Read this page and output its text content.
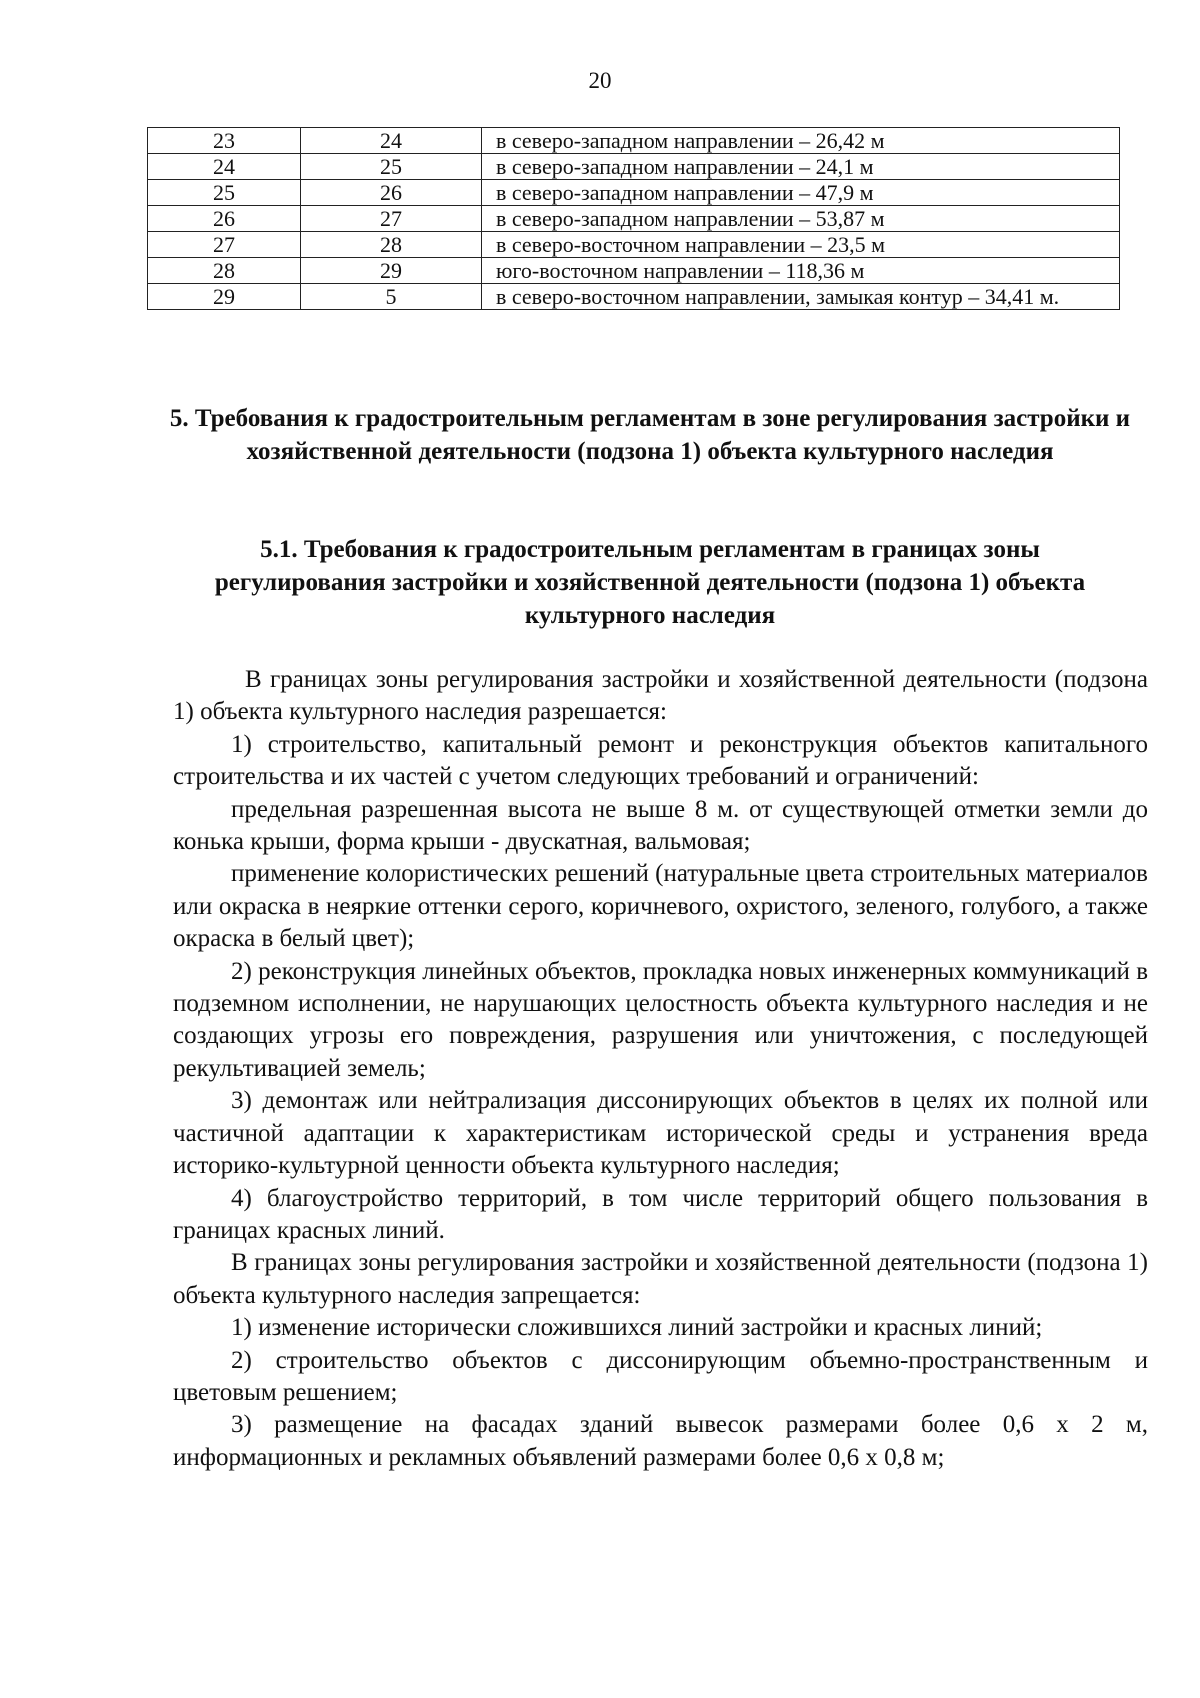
20
23	24	в северо-западном направлении – 26,42 м
24	25	в северо-западном направлении – 24,1 м
25	26	в северо-западном направлении – 47,9 м
26	27	в северо-западном направлении – 53,87 м
27	28	в северо-восточном направлении – 23,5 м
28	29	юго-восточном направлении – 118,36 м
29	5	в северо-восточном направлении, замыкая контур – 34,41 м.
5. Требования к градостроительным регламентам в зоне регулирования застройки и хозяйственной деятельности (подзона 1) объекта культурного наследия
5.1. Требования к градостроительным регламентам в границах зоны регулирования застройки и хозяйственной деятельности (подзона 1) объекта культурного наследия

В границах зоны регулирования застройки и хозяйственной деятельности (подзона 1) объекта культурного наследия разрешается:

1) строительство, капитальный ремонт и реконструкция объектов капитального строительства и их частей с учетом следующих требований и ограничений:

предельная разрешенная высота не выше 8 м. от существующей отметки земли до конька крыши, форма крыши - двускатная, вальмовая;

применение колористических решений (натуральные цвета строительных материалов или окраска в неяркие оттенки серого, коричневого, охристого, зеленого, голубого, а также окраска в белый цвет);

2) реконструкция линейных объектов, прокладка новых инженерных коммуникаций в подземном исполнении, не нарушающих целостность объекта культурного наследия и не создающих угрозы его повреждения, разрушения или уничтожения, с последующей рекультивацией земель;

3) демонтаж или нейтрализация диссонирующих объектов в целях их полной или частичной адаптации к характеристикам исторической среды и устранения вреда историко-культурной ценности объекта культурного наследия;

4) благоустройство территорий, в том числе территорий общего пользования в границах красных линий.

В границах зоны регулирования застройки и хозяйственной деятельности (подзона 1) объекта культурного наследия запрещается:

1) изменение исторически сложившихся линий застройки и красных линий;

2) строительство объектов с диссонирующим объемно-пространственным и цветовым решением;

3) размещение на фасадах зданий вывесок размерами более 0,6 х 2 м, информационных и рекламных объявлений размерами более 0,6 х 0,8 м;
